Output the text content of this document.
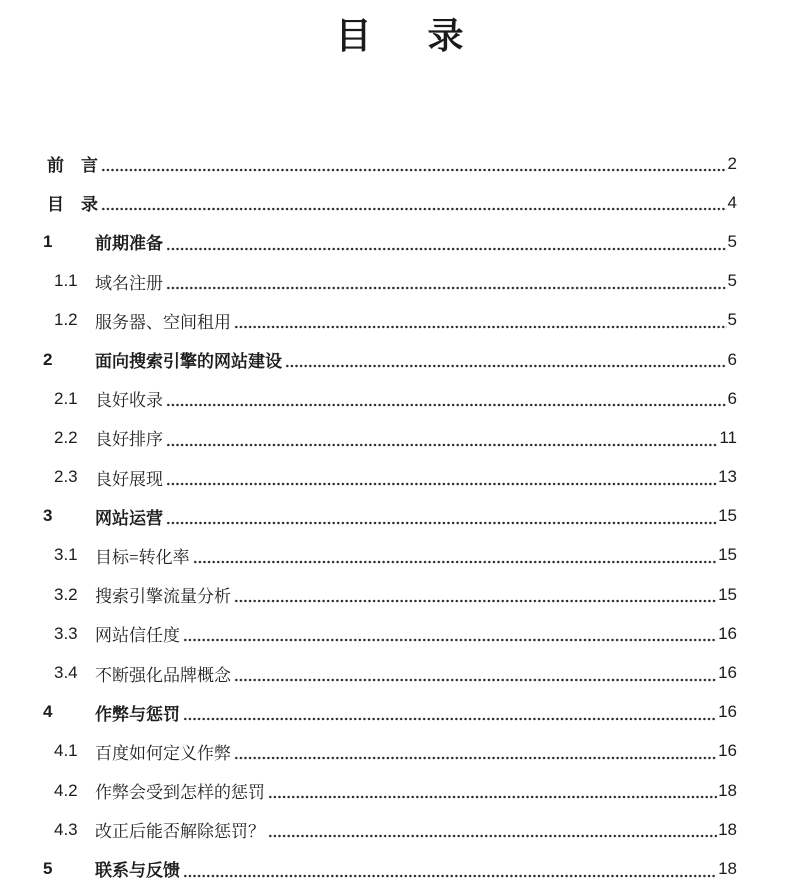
目　录
前　言	2
目　录	4
1	前期准备	5
1.1	域名注册	5
1.2	服务器、空间租用	5
2	面向搜索引擎的网站建设	6
2.1	良好收录	6
2.2	良好排序	11
2.3	良好展现	13
3	网站运营	15
3.1	目标=转化率	15
3.2	搜索引擎流量分析	15
3.3	网站信任度	16
3.4	不断强化品牌概念	16
4	作弊与惩罚	16
4.1	百度如何定义作弊	16
4.2	作弊会受到怎样的惩罚	18
4.3	改正后能否解除惩罚？	18
5	联系与反馈	18
